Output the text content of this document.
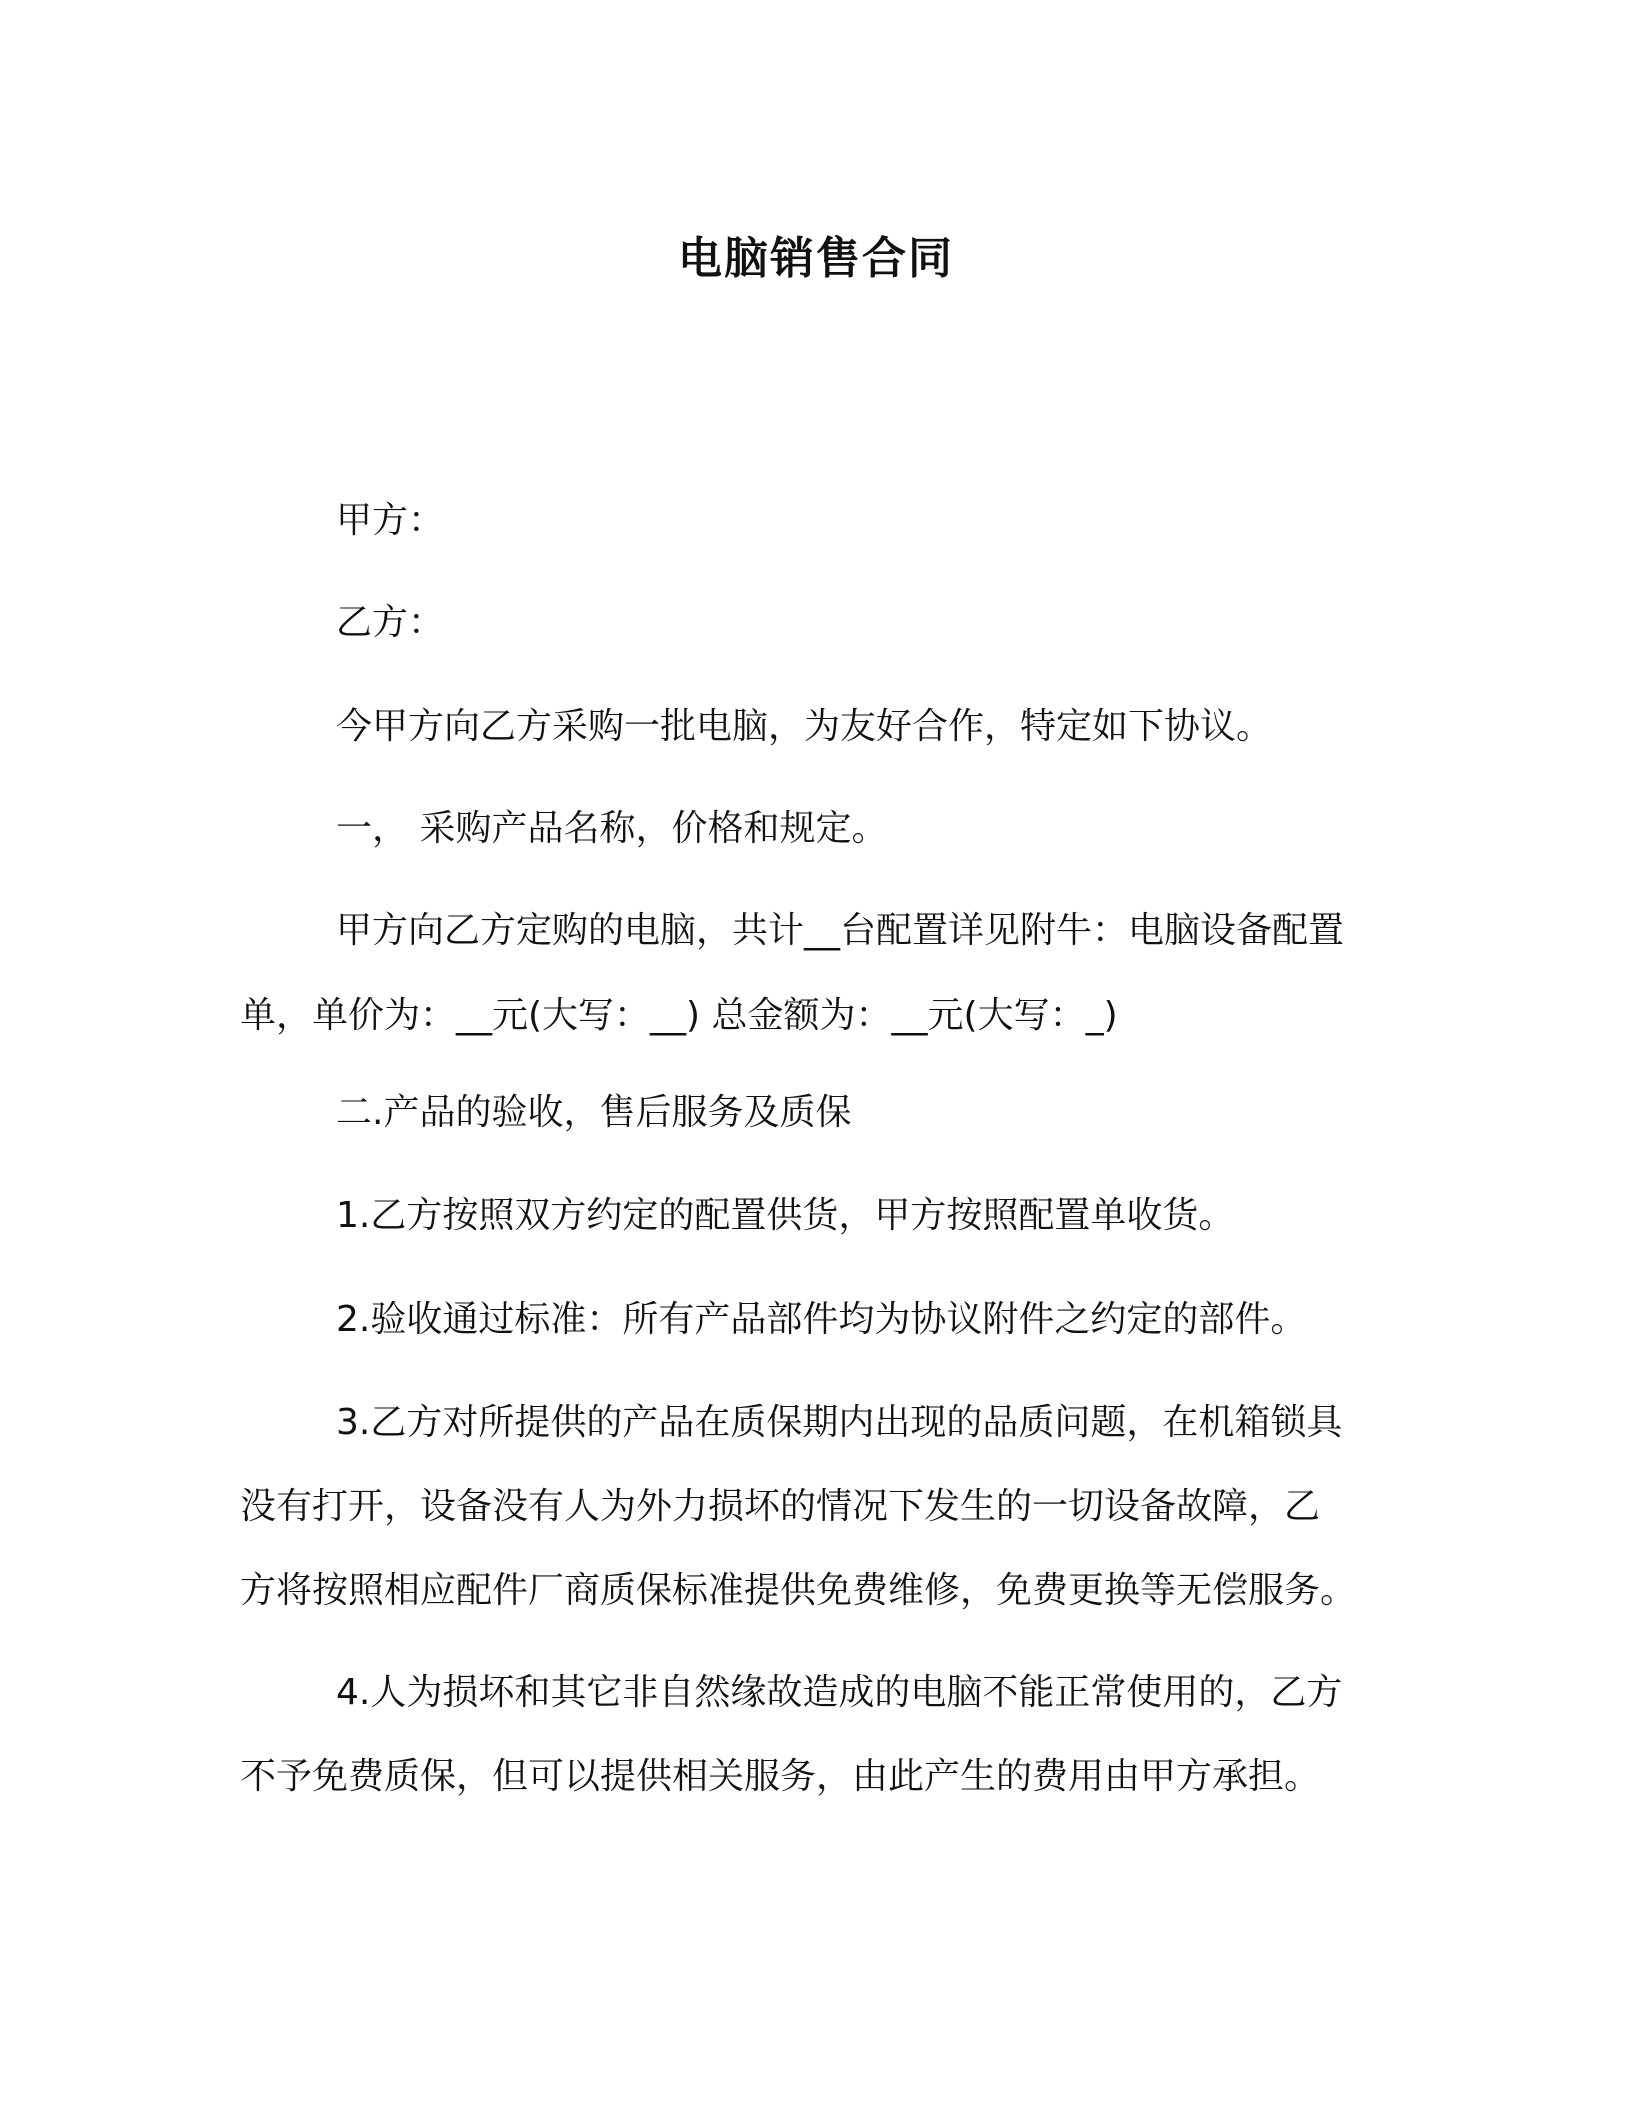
电脑销售合同

甲方：

乙方：

今甲方向乙方采购一批电脑，为友好合作，特定如下协议。

一， 采购产品名称，价格和规定。

甲方向乙方定购的电脑，共计__台配置详见附牛：电脑设备配置

单，单价为：__元(大写：__) 总金额为：__元(大写：_)

二.产品的验收，售后服务及质保

1.乙方按照双方约定的配置供货，甲方按照配置单收货。

2.验收通过标准：所有产品部件均为协议附件之约定的部件。

3.乙方对所提供的产品在质保期内出现的品质问题，在机箱锁具

没有打开，设备没有人为外力损坏的情况下发生的一切设备故障，乙

方将按照相应配件厂商质保标准提供免费维修，免费更换等无偿服务。

4.人为损坏和其它非自然缘故造成的电脑不能正常使用的，乙方

不予免费质保，但可以提供相关服务，由此产生的费用由甲方承担。
